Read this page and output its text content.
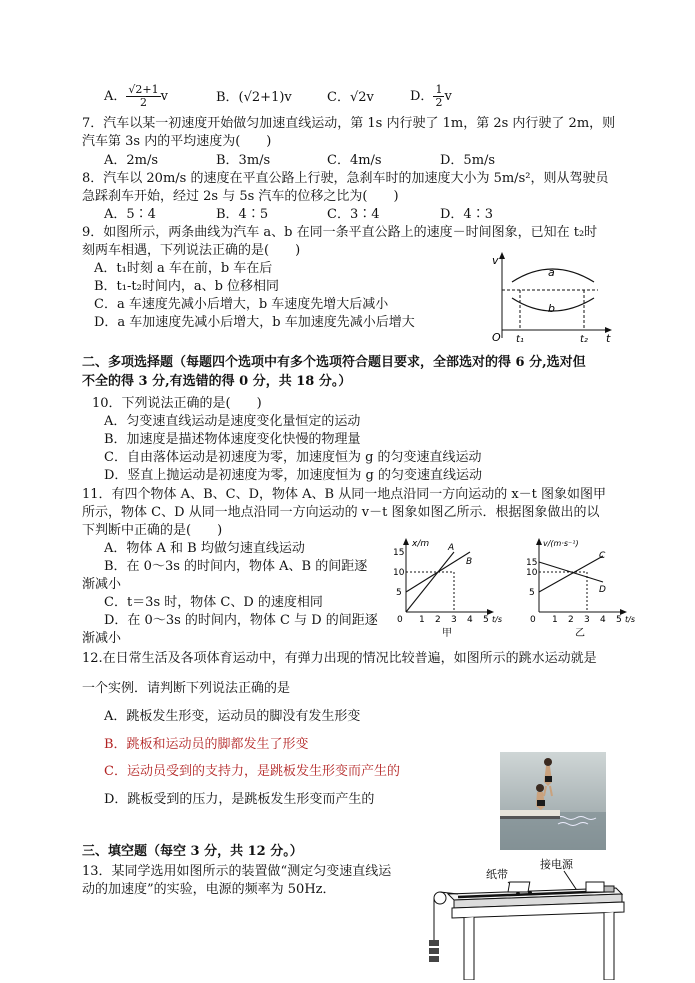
A． $\frac{√2+1}{2}$ v	B．(√2+1)v	C．√2v	D． $\frac{1}{2}$ v
7．汽车以某一初速度开始做匀加速直线运动，第 1s 内行驶了 1m，第 2s 内行驶了 2m，则
汽车第 3s 内的平均速度为(　　)
A．2m/s	B．3m/s	C．4m/s	D．5m/s
8．汽车以 20m/s 的速度在平直公路上行驶，急刹车时的加速度大小为 5m/s²，则从驾驶员
急踩刹车开始，经过 2s 与 5s 汽车的位移之比为(　　)
A．5∶4	B．4∶5	C．3∶4	D．4∶3
9．如图所示，两条曲线为汽车 a、b 在同一条平直公路上的速度－时间图象，已知在 t₂时
刻两车相遇，下列说法正确的是(　　)
A．t₁时刻 a 车在前，b 车在后
B．t₁-t₂时间内，a、b 位移相同
C．a 车速度先减小后增大，b 车速度先增大后减小
D．a 车加速度先减小后增大，b 车加速度先减小后增大
v
a
b
O t₁	t₂ t
二、多项选择题（每题四个选项中有多个选项符合题目要求，全部选对的得 6 分,选对但
不全的得 3 分,有选错的得 0 分，共 18 分。）
10．下列说法正确的是(　　)
A．匀变速直线运动是速度变化量恒定的运动
B．加速度是描述物体速度变化快慢的物理量
C．自由落体运动是初速度为零，加速度恒为 g 的匀变速直线运动
D．竖直上抛运动是初速度为零，加速度恒为 g 的匀变速直线运动
11．有四个物体 A、B、C、D，物体 A、B 从同一地点沿同一方向运动的 x－t 图象如图甲
所示，物体 C、D 从同一地点沿同一方向运动的 v－t 图象如图乙所示．根据图象做出的以
下判断中正确的是(　　)
A．物体 A 和 B 均做匀速直线运动
B．在 0～3s 的时间内，物体 A、B 的间距逐
渐减小
C．t＝3s 时，物体 C、D 的速度相同
D．在 0～3s 的时间内，物体 C 与 D 的间距逐
渐减小
x/m
15
10
5
0 1 2 3 4 5 t/s
A
B
甲
v/(m·s⁻¹)
15
10
5
0 1 2 3 4 5 t/s
C
D
乙
12.在日常生活及各项体育运动中，有弹力出现的情况比较普遍，如图所示的跳水运动就是
一个实例．请判断下列说法正确的是
A．跳板发生形变，运动员的脚没有发生形变
B．跳板和运动员的脚都发生了形变
C．运动员受到的支持力，是跳板发生形变而产生的
D．跳板受到的压力，是跳板发生形变而产生的
三、填空题（每空 3 分，共 12 分。）
13．某同学选用如图所示的装置做“测定匀变速直线运
动的加速度”的实验，电源的频率为 50Hz．
纸带
接电源
